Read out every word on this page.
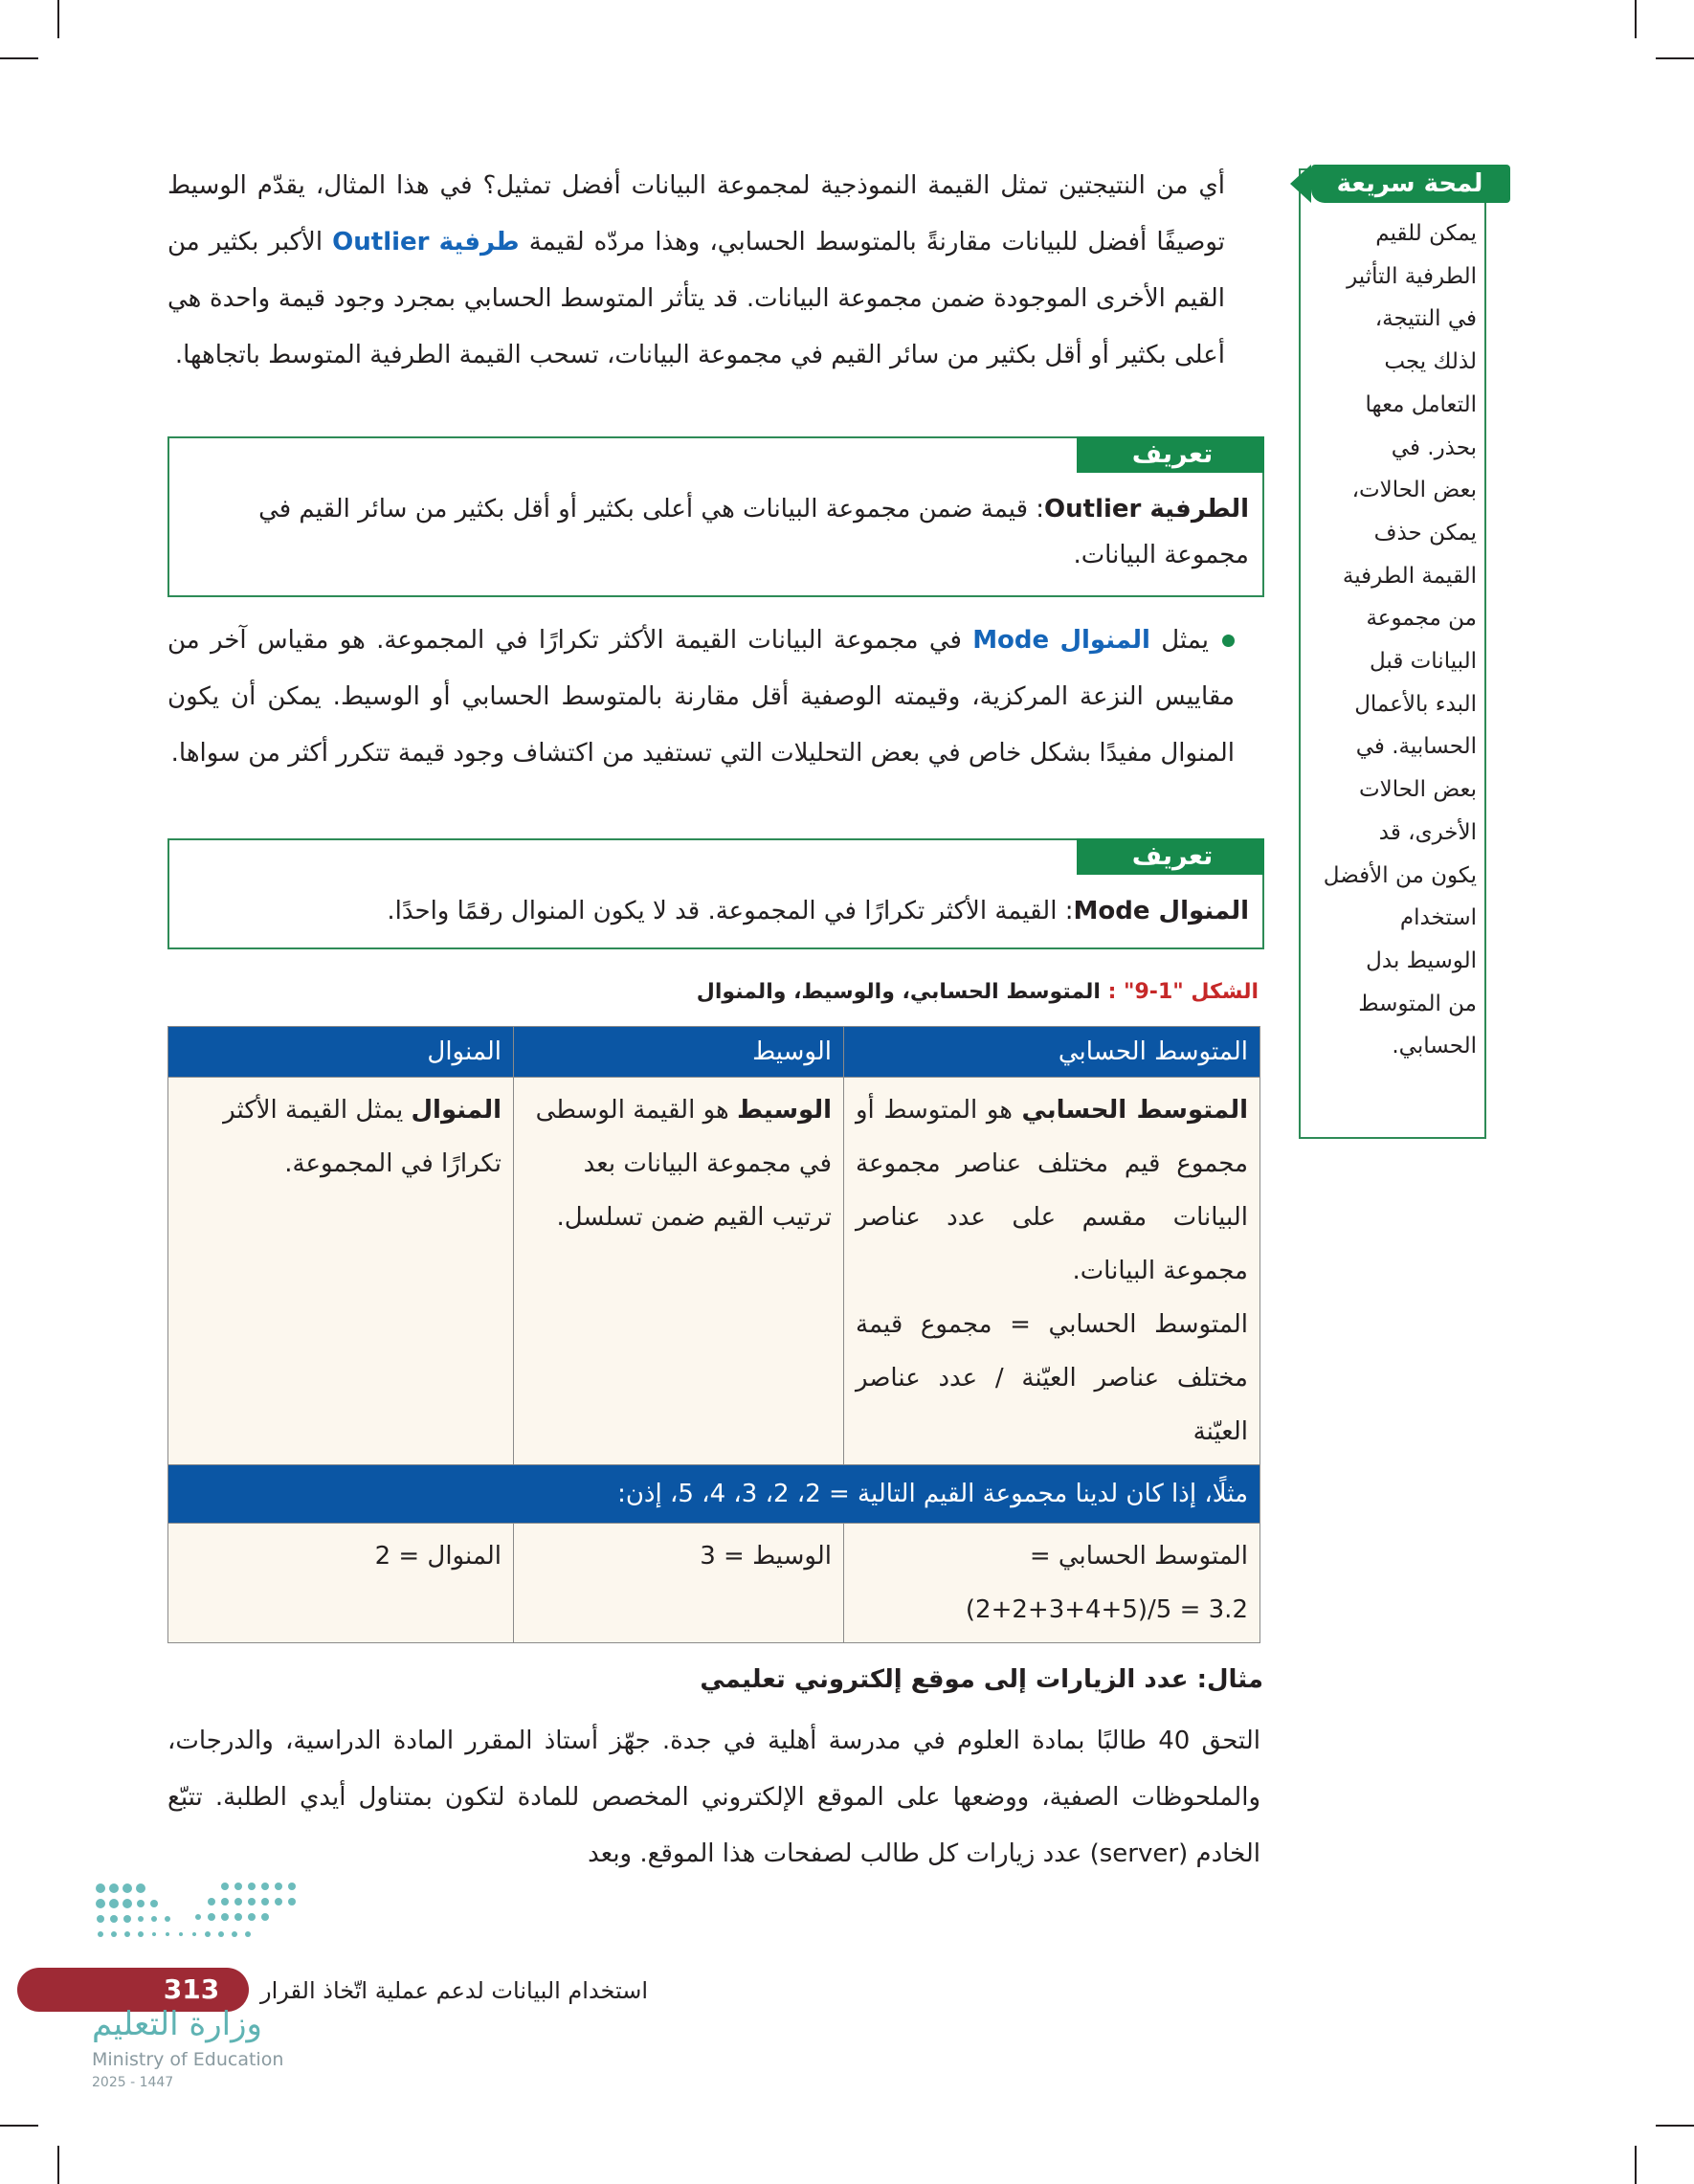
أي من النتيجتين تمثل القيمة النموذجية لمجموعة البيانات أفضل تمثيل؟ في هذا المثال، يقدّم الوسيط توصيفًا أفضل للبيانات مقارنةً بالمتوسط الحسابي، وهذا مردّه لقيمة طرفية Outlier الأكبر بكثير من القيم الأخرى الموجودة ضمن مجموعة البيانات. قد يتأثر المتوسط الحسابي بمجرد وجود قيمة واحدة هي أعلى بكثير أو أقل بكثير من سائر القيم في مجموعة البيانات، تسحب القيمة الطرفية المتوسط باتجاهها.
تعريف
الطرفية Outlier: قيمة ضمن مجموعة البيانات هي أعلى بكثير أو أقل بكثير من سائر القيم في مجموعة البيانات.
يمثل المنوال Mode في مجموعة البيانات القيمة الأكثر تكرارًا في المجموعة. هو مقياس آخر من مقاييس النزعة المركزية، وقيمته الوصفية أقل مقارنة بالمتوسط الحسابي أو الوسيط. يمكن أن يكون المنوال مفيدًا بشكل خاص في بعض التحليلات التي تستفيد من اكتشاف وجود قيمة تتكرر أكثر من سواها.
تعريف
المنوال Mode: القيمة الأكثر تكرارًا في المجموعة. قد لا يكون المنوال رقمًا واحدًا.
الشكل "1-9" : المتوسط الحسابي، والوسيط، والمنوال
المتوسط الحسابي	الوسيط	المنوال
المتوسط الحسابي هو المتوسط أو مجموع قيم مختلف عناصر مجموعة البيانات مقسم على عدد عناصر مجموعة البيانات.
المتوسط الحسابي = مجموع قيمة مختلف عناصر العيّنة / عدد عناصر العيّنة	الوسيط هو القيمة الوسطى في مجموعة البيانات بعد ترتيب القيم ضمن تسلسل.	المنوال يمثل القيمة الأكثر تكرارًا في المجموعة.
مثلًا، إذا كان لدينا مجموعة القيم التالية = 2، 2، 3، 4، 5، إذن:		
المتوسط الحسابي =
(2+2+3+4+5)/5 = 3.2	الوسيط = 3	المنوال = 2
مثال: عدد الزيارات إلى موقع إلكتروني تعليمي
التحق 40 طالبًا بمادة العلوم في مدرسة أهلية في جدة. جهّز أستاذ المقرر المادة الدراسية، والدرجات، والملحوظات الصفية، ووضعها على الموقع الإلكتروني المخصص للمادة لتكون بمتناول أيدي الطلبة. تتبّع الخادم (server) عدد زيارات كل طالب لصفحات هذا الموقع. وبعد
يمكن للقيم
الطرفية التأثير
في النتيجة،
لذلك يجب
التعامل معها
بحذر. في
بعض الحالات،
يمكن حذف
القيمة الطرفية
من مجموعة
البيانات قبل
البدء بالأعمال
الحسابية. في
بعض الحالات
الأخرى، قد
يكون من الأفضل
استخدام
الوسيط بدل
من المتوسط
الحسابي.
لمحة سريعة
313	استخدام البيانات لدعم عملية اتّخاذ القرار
وزارة التعليم
Ministry of Education
2025 - 1447
